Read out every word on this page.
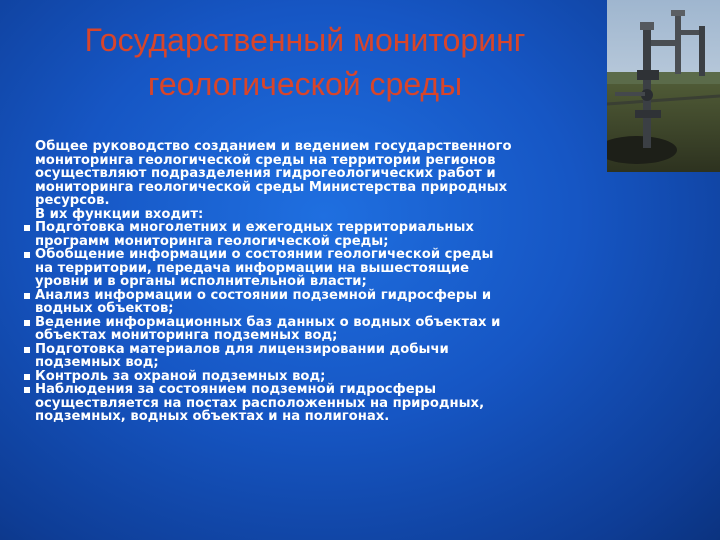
Государственный мониторинг
геологической среды
Общее руководство созданием и ведением государственного
мониторинга геологической среды на территории регионов
осуществляют подразделения гидрогеологических работ и
мониторинга геологической среды Министерства природных
ресурсов.
В их функции входит:
Подготовка многолетних и ежегодных территориальных
программ мониторинга геологической среды;
Обобщение информации о состоянии геологической среды
на территории, передача информации на вышестоящие
уровни и в органы исполнительной власти;
Анализ информации о состоянии подземной гидросферы и
водных объектов;
Ведение информационных баз данных о водных объектах и
объектах мониторинга подземных вод;
Подготовка материалов для лицензировании добычи
подземных вод;
Контроль за охраной подземных вод;
Наблюдения за состоянием подземной гидросферы
осуществляется на постах расположенных на природных,
подземных, водных объектах и на полигонах.
